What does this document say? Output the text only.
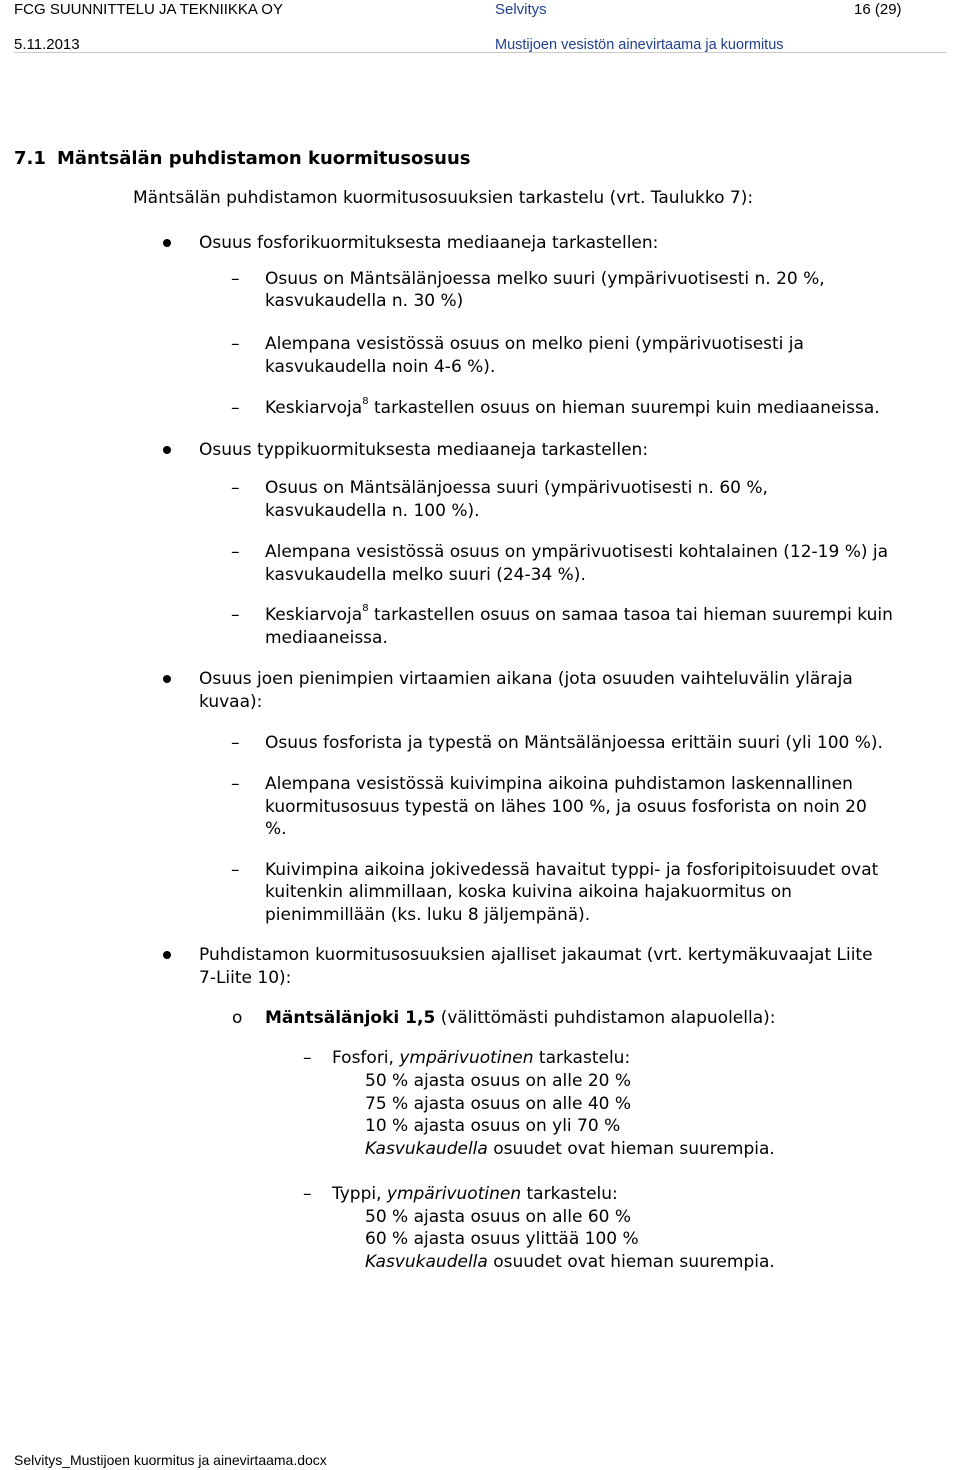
FCG SUUNNITTELU JA TEKNIIKKA OY	Selvitys	16 (29)
5.11.2013	Mustijoen vesistön ainevirtaama ja kuormitus
7.1 Mäntsälän puhdistamon kuormitusosuus
Mäntsälän puhdistamon kuormitusosuuksien tarkastelu (vrt. Taulukko 7):
Osuus fosforikuormituksesta mediaaneja tarkastellen:
– Osuus on Mäntsälänjoessa melko suuri (ympärivuotisesti n. 20 %,
kasvukaudella n. 30 %)
– Alempana vesistössä osuus on melko pieni (ympärivuotisesti ja
kasvukaudella noin 4-6 %).
– Keskiarvoja$^8$ tarkastellen osuus on hieman suurempi kuin mediaaneissa.
Osuus typpikuormituksesta mediaaneja tarkastellen:
– Osuus on Mäntsälänjoessa suuri (ympärivuotisesti n. 60 %,
kasvukaudella n. 100 %).
– Alempana vesistössä osuus on ympärivuotisesti kohtalainen (12-19 %) ja
kasvukaudella melko suuri (24-34 %).
– Keskiarvoja$^8$ tarkastellen osuus on samaa tasoa tai hieman suurempi kuin
mediaaneissa.
Osuus joen pienimpien virtaamien aikana (jota osuuden vaihteluvälin yläraja
kuvaa):
– Osuus fosforista ja typestä on Mäntsälänjoessa erittäin suuri (yli 100 %).
– Alempana vesistössä kuivimpina aikoina puhdistamon laskennallinen
kuormitusosuus typestä on lähes 100 %, ja osuus fosforista on noin 20
%.
– Kuivimpina aikoina jokivedessä havaitut typpi- ja fosforipitoisuudet ovat
kuitenkin alimmillaan, koska kuivina aikoina hajakuormitus on
pienimmillään (ks. luku 8 jäljempänä).
Puhdistamon kuormitusosuuksien ajalliset jakaumat (vrt. kertymäkuvaajat Liite
7-Liite 10):
o Mäntsälänjoki 1,5 (välittömästi puhdistamon alapuolella):
– Fosfori, ympärivuotinen tarkastelu:
50 % ajasta osuus on alle 20 %
75 % ajasta osuus on alle 40 %
10 % ajasta osuus on yli 70 %
Kasvukaudella osuudet ovat hieman suurempia.
– Typpi, ympärivuotinen tarkastelu:
50 % ajasta osuus on alle 60 %
60 % ajasta osuus ylittää 100 %
Kasvukaudella osuudet ovat hieman suurempia.
Selvitys_Mustijoen kuormitus ja ainevirtaama.docx
